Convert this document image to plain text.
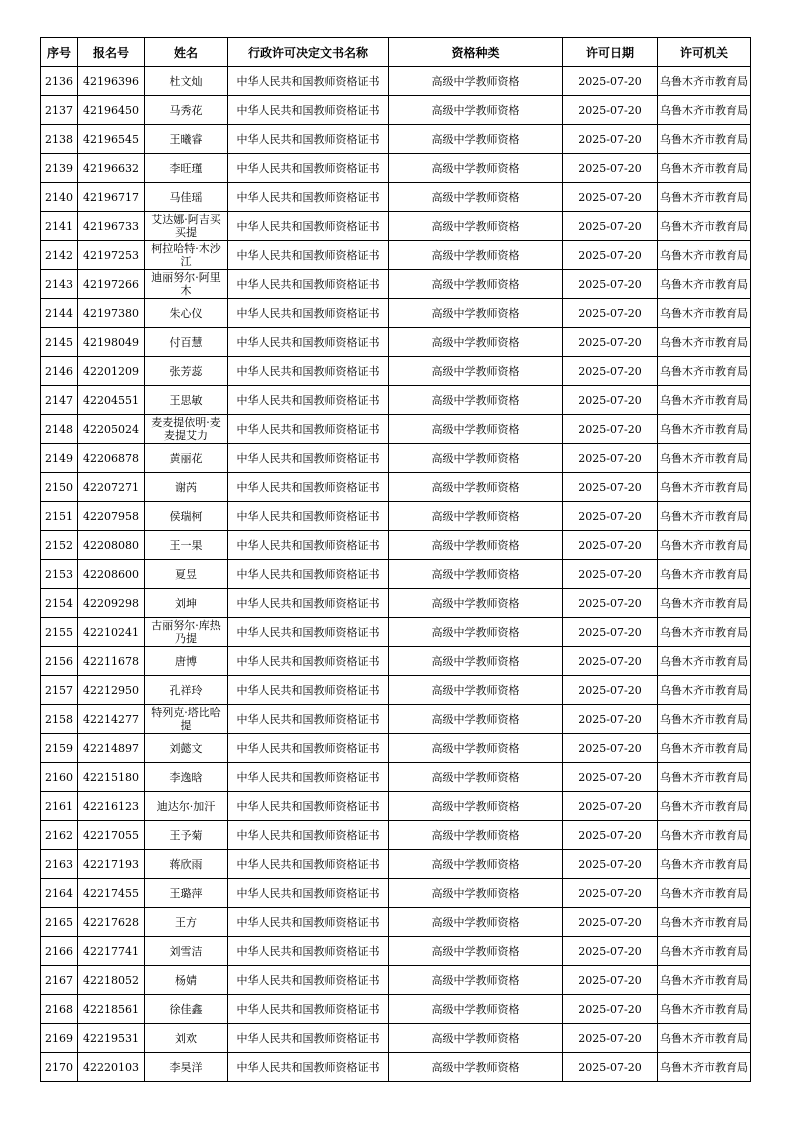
序号	报名号	姓名	行政许可决定文书名称	资格种类	许可日期	许可机关
2136	42196396	杜文灿	中华人民共和国教师资格证书	高级中学教师资格	2025-07-20	乌鲁木齐市教育局
2137	42196450	马秀花	中华人民共和国教师资格证书	高级中学教师资格	2025-07-20	乌鲁木齐市教育局
2138	42196545	王曦睿	中华人民共和国教师资格证书	高级中学教师资格	2025-07-20	乌鲁木齐市教育局
2139	42196632	李旺瑾	中华人民共和国教师资格证书	高级中学教师资格	2025-07-20	乌鲁木齐市教育局
2140	42196717	马佳瑶	中华人民共和国教师资格证书	高级中学教师资格	2025-07-20	乌鲁木齐市教育局
2141	42196733	艾达娜·阿吉买买提	中华人民共和国教师资格证书	高级中学教师资格	2025-07-20	乌鲁木齐市教育局
2142	42197253	柯拉哈特·木沙江	中华人民共和国教师资格证书	高级中学教师资格	2025-07-20	乌鲁木齐市教育局
2143	42197266	迪丽努尔·阿里木	中华人民共和国教师资格证书	高级中学教师资格	2025-07-20	乌鲁木齐市教育局
2144	42197380	朱心仪	中华人民共和国教师资格证书	高级中学教师资格	2025-07-20	乌鲁木齐市教育局
2145	42198049	付百慧	中华人民共和国教师资格证书	高级中学教师资格	2025-07-20	乌鲁木齐市教育局
2146	42201209	张芳蕊	中华人民共和国教师资格证书	高级中学教师资格	2025-07-20	乌鲁木齐市教育局
2147	42204551	王思敏	中华人民共和国教师资格证书	高级中学教师资格	2025-07-20	乌鲁木齐市教育局
2148	42205024	麦麦提依明·麦麦提艾力	中华人民共和国教师资格证书	高级中学教师资格	2025-07-20	乌鲁木齐市教育局
2149	42206878	黄丽花	中华人民共和国教师资格证书	高级中学教师资格	2025-07-20	乌鲁木齐市教育局
2150	42207271	谢芮	中华人民共和国教师资格证书	高级中学教师资格	2025-07-20	乌鲁木齐市教育局
2151	42207958	侯瑞柯	中华人民共和国教师资格证书	高级中学教师资格	2025-07-20	乌鲁木齐市教育局
2152	42208080	王一果	中华人民共和国教师资格证书	高级中学教师资格	2025-07-20	乌鲁木齐市教育局
2153	42208600	夏昱	中华人民共和国教师资格证书	高级中学教师资格	2025-07-20	乌鲁木齐市教育局
2154	42209298	刘坤	中华人民共和国教师资格证书	高级中学教师资格	2025-07-20	乌鲁木齐市教育局
2155	42210241	古丽努尔·库热乃提	中华人民共和国教师资格证书	高级中学教师资格	2025-07-20	乌鲁木齐市教育局
2156	42211678	唐博	中华人民共和国教师资格证书	高级中学教师资格	2025-07-20	乌鲁木齐市教育局
2157	42212950	孔祥玲	中华人民共和国教师资格证书	高级中学教师资格	2025-07-20	乌鲁木齐市教育局
2158	42214277	特列克·塔比哈提	中华人民共和国教师资格证书	高级中学教师资格	2025-07-20	乌鲁木齐市教育局
2159	42214897	刘懿文	中华人民共和国教师资格证书	高级中学教师资格	2025-07-20	乌鲁木齐市教育局
2160	42215180	李逸晗	中华人民共和国教师资格证书	高级中学教师资格	2025-07-20	乌鲁木齐市教育局
2161	42216123	迪达尔·加汗	中华人民共和国教师资格证书	高级中学教师资格	2025-07-20	乌鲁木齐市教育局
2162	42217055	王予菊	中华人民共和国教师资格证书	高级中学教师资格	2025-07-20	乌鲁木齐市教育局
2163	42217193	蒋欣雨	中华人民共和国教师资格证书	高级中学教师资格	2025-07-20	乌鲁木齐市教育局
2164	42217455	王璐萍	中华人民共和国教师资格证书	高级中学教师资格	2025-07-20	乌鲁木齐市教育局
2165	42217628	王方	中华人民共和国教师资格证书	高级中学教师资格	2025-07-20	乌鲁木齐市教育局
2166	42217741	刘雪洁	中华人民共和国教师资格证书	高级中学教师资格	2025-07-20	乌鲁木齐市教育局
2167	42218052	杨婧	中华人民共和国教师资格证书	高级中学教师资格	2025-07-20	乌鲁木齐市教育局
2168	42218561	徐佳鑫	中华人民共和国教师资格证书	高级中学教师资格	2025-07-20	乌鲁木齐市教育局
2169	42219531	刘欢	中华人民共和国教师资格证书	高级中学教师资格	2025-07-20	乌鲁木齐市教育局
2170	42220103	李昊洋	中华人民共和国教师资格证书	高级中学教师资格	2025-07-20	乌鲁木齐市教育局
